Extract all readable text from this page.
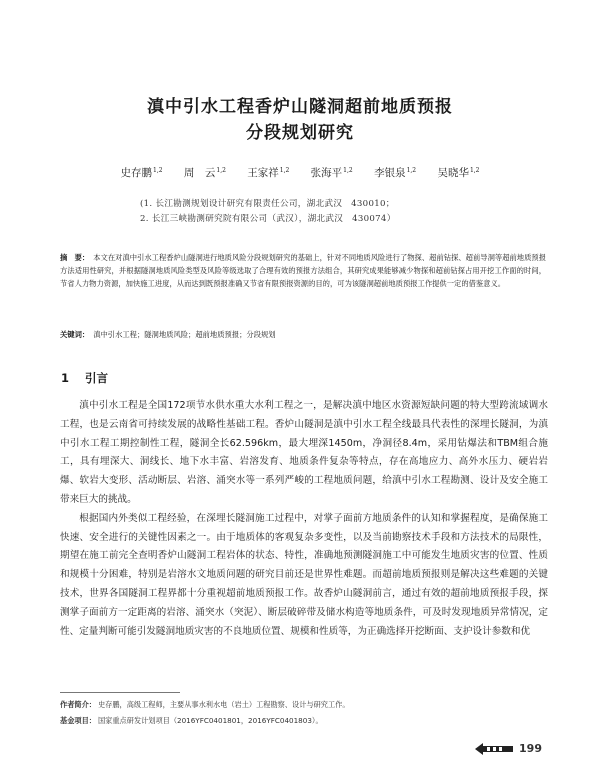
滇中引水工程香炉山隧洞超前地质预报
分段规划研究
史存鹏$^{1,2}$ 周　云$^{1,2}$ 王家祥$^{1,2}$ 张海平$^{1,2}$ 李银泉$^{1,2}$ 吴晓华$^{1,2}$
(1. 长江勘测规划设计研究有限责任公司，湖北武汉　430010；
2. 长江三峡勘测研究院有限公司（武汉），湖北武汉　430074）
摘　要： 本文在对滇中引水工程香炉山隧洞进行地质风险分段规划研究的基础上，针对不同地质风险进行了物探、超前钻探、超前导洞等超前地质预报方法适用性研究，并根据隧洞地质风险类型及风险等级选取了合理有效的预报方法组合，其研究成果能够减少物探和超前钻探占用开挖工作面的时间，节省人力物力资源，加快施工进度，从而达到既预报准确又节省有限预报资源的目的，可为该隧洞超前地质预报工作提供一定的借鉴意义。
关键词： 滇中引水工程；隧洞地质风险；超前地质预报；分段规划
1 引言

滇中引水工程是全国172项节水供水重大水利工程之一，是解决滇中地区水资源短缺问题的特大型跨流域调水工程，也是云南省可持续发展的战略性基础工程。香炉山隧洞是滇中引水工程全线最具代表性的深埋长隧洞，为滇中引水工程工期控制性工程，隧洞全长62.596km，最大埋深1450m，净洞径8.4m，采用钻爆法和TBM组合施工，具有埋深大、洞线长、地下水丰富、岩溶发育、地质条件复杂等特点，存在高地应力、高外水压力、硬岩岩爆、软岩大变形、活动断层、岩溶、涌突水等一系列严峻的工程地质问题，给滇中引水工程勘测、设计及安全施工带来巨大的挑战。

根据国内外类似工程经验，在深埋长隧洞施工过程中，对掌子面前方地质条件的认知和掌握程度，是确保施工快速、安全进行的关键性因素之一。由于地质体的客观复杂多变性，以及当前勘察技术手段和方法技术的局限性，期望在施工前完全查明香炉山隧洞工程岩体的状态、特性，准确地预测隧洞施工中可能发生地质灾害的位置、性质和规模十分困难，特别是岩溶水文地质问题的研究目前还是世界性难题。而超前地质预报则是解决这些难题的关键技术，世界各国隧洞工程界都十分重视超前地质预报工作。故香炉山隧洞前言，通过有效的超前地质预报手段，探测掌子面前方一定距离的岩溶、涌突水（突泥）、断层破碎带及储水构造等地质条件，可及时发现地质异常情况，定性、定量判断可能引发隧洞地质灾害的不良地质位置、规模和性质等，为正确选择开挖断面、支护设计参数和优

作者简介： 史存鹏，高级工程师，主要从事水利水电（岩土）工程勘察、设计与研究工作。
基金项目： 国家重点研发计划项目（2016YFC0401801，2016YFC0401803）。
199
